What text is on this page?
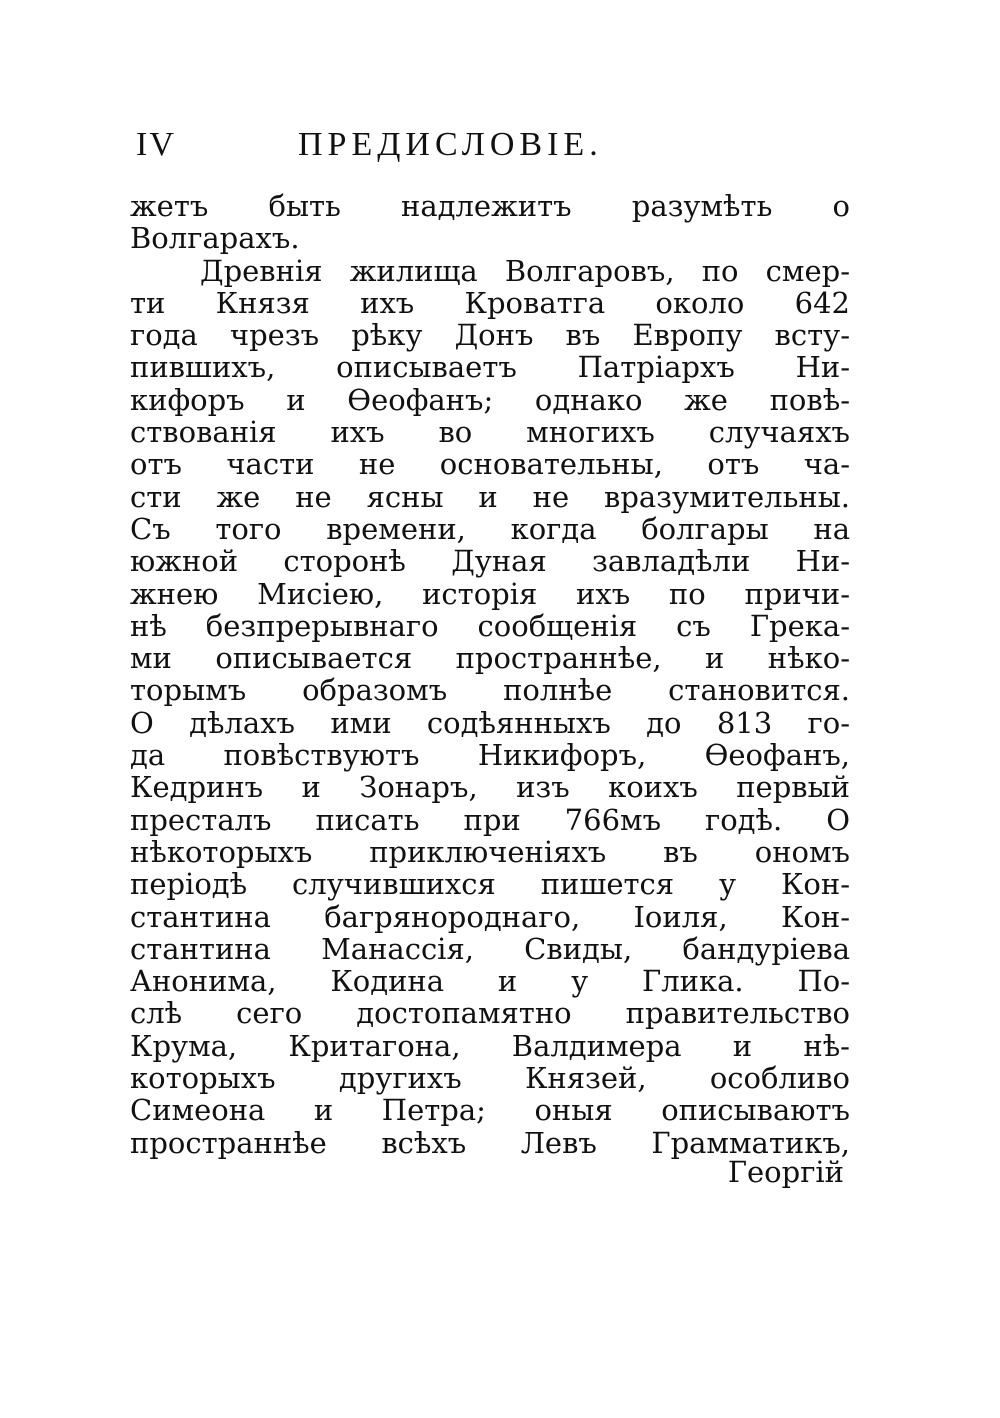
IV	ПРЕДИСЛОВІЕ.
жетъ быть надлежитъ разумѣть о
Волгарахъ.
Древнія жилища Волгаровъ, по смер-
ти Князя ихъ Кроватга около 642
года чрезъ рѣку Донъ въ Европу всту-
пившихъ, описываетъ Патріархъ Ни-
кифоръ и Өеофанъ; однако же повѣ-
ствованія ихъ во многихъ случаяхъ
отъ части не основательны, отъ ча-
сти же не ясны и не вразумительны.
Съ того времени, когда болгары на
южной сторонѣ Дуная завладѣли Ни-
жнею Мисіею, исторія ихъ по причи-
нѣ безпрерывнаго сообщенія съ Грека-
ми описывается пространнѣе, и нѣко-
торымъ образомъ полнѣе становится.
О дѣлахъ ими содѣянныхъ до 813 го-
да повѣствуютъ Никифоръ, Өеофанъ,
Кедринъ и Зонаръ, изъ коихъ первый
престалъ писать при 766мъ годѣ. О
нѣкоторыхъ приключеніяхъ въ ономъ
періодѣ случившихся пишется у Кон-
стантина багрянороднаго, Іоиля, Кон-
стантина Манассія, Свиды, бандуріева
Анонима, Кодина и у Глика. По-
слѣ сего достопамятно правительство
Крума, Критагона, Валдимера и нѣ-
которыхъ другихъ Князей, особливо
Симеона и Петра; оныя описываютъ
пространнѣе всѣхъ Левъ Грамматикъ,
Георгій
